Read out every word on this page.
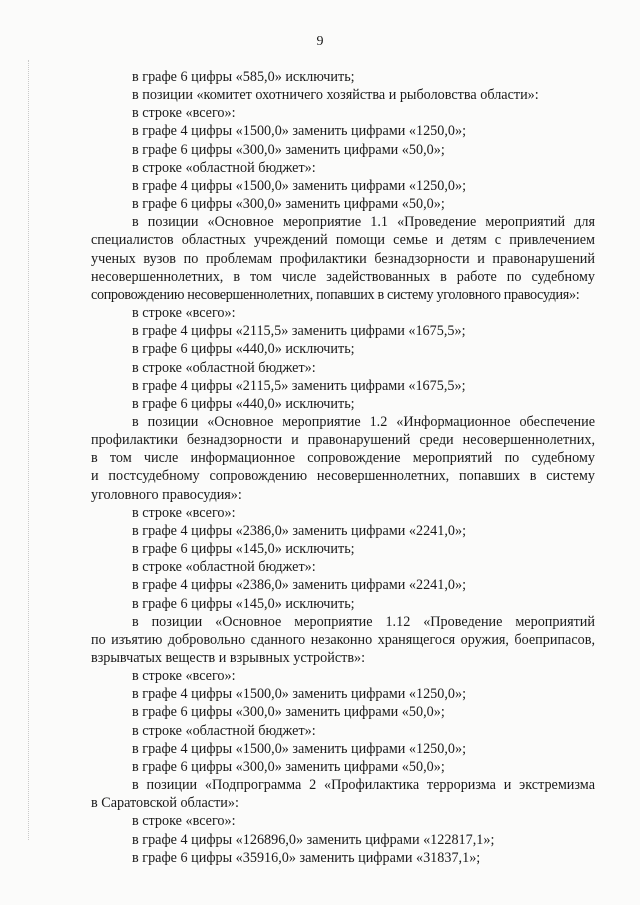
9
в графе 6 цифры «585,0» исключить;
в позиции «комитет охотничего хозяйства и рыболовства области»:
в строке «всего»:
в графе 4 цифры «1500,0» заменить цифрами «1250,0»;
в графе 6 цифры «300,0» заменить цифрами «50,0»;
в строке «областной бюджет»:
в графе 4 цифры «1500,0» заменить цифрами «1250,0»;
в графе 6 цифры «300,0» заменить цифрами «50,0»;
в позиции «Основное мероприятие 1.1 «Проведение мероприятий для
специалистов областных учреждений помощи семье и детям с привлечением
ученых вузов по проблемам профилактики безнадзорности и правонарушений
несовершеннолетних, в том числе задействованных в работе по судебному
сопровождению несовершеннолетних, попавших в систему уголовного правосудия»:
в строке «всего»:
в графе 4 цифры «2115,5» заменить цифрами «1675,5»;
в графе 6 цифры «440,0» исключить;
в строке «областной бюджет»:
в графе 4 цифры «2115,5» заменить цифрами «1675,5»;
в графе 6 цифры «440,0» исключить;
в позиции «Основное мероприятие 1.2 «Информационное обеспечение
профилактики безнадзорности и правонарушений среди несовершеннолетних,
в том числе информационное сопровождение мероприятий по судебному
и постсудебному сопровождению несовершеннолетних, попавших в систему
уголовного правосудия»:
в строке «всего»:
в графе 4 цифры «2386,0» заменить цифрами «2241,0»;
в графе 6 цифры «145,0» исключить;
в строке «областной бюджет»:
в графе 4 цифры «2386,0» заменить цифрами «2241,0»;
в графе 6 цифры «145,0» исключить;
в позиции «Основное мероприятие 1.12 «Проведение мероприятий
по изъятию добровольно сданного незаконно хранящегося оружия, боеприпасов,
взрывчатых веществ и взрывных устройств»:
в строке «всего»:
в графе 4 цифры «1500,0» заменить цифрами «1250,0»;
в графе 6 цифры «300,0» заменить цифрами «50,0»;
в строке «областной бюджет»:
в графе 4 цифры «1500,0» заменить цифрами «1250,0»;
в графе 6 цифры «300,0» заменить цифрами «50,0»;
в позиции «Подпрограмма 2 «Профилактика терроризма и экстремизма
в Саратовской области»:
в строке «всего»:
в графе 4 цифры «126896,0» заменить цифрами «122817,1»;
в графе 6 цифры «35916,0» заменить цифрами «31837,1»;
